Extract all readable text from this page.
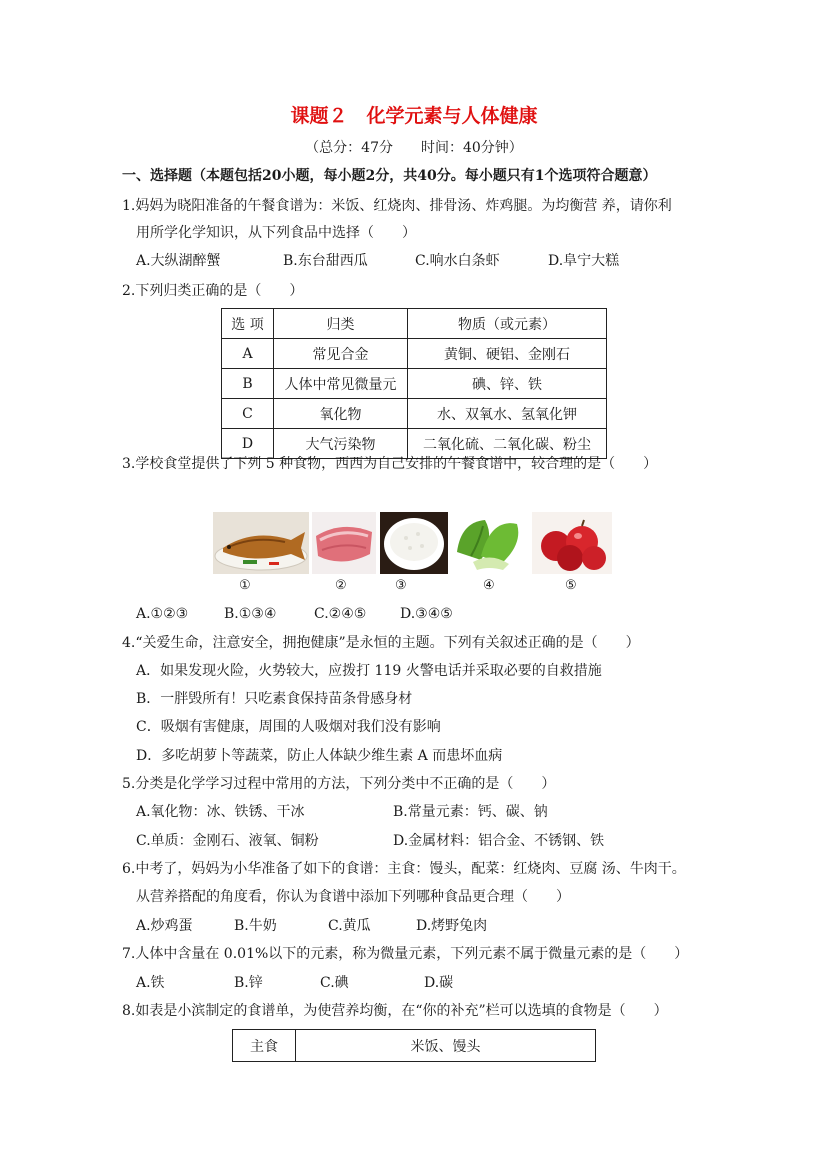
课题２　化学元素与人体健康
（总分：47分　　时间：40分钟）
一、选择题（本题包括20小题，每小题2分，共40分。每小题只有1个选项符合题意）
1.妈妈为晓阳准备的午餐食谱为：米饭、红烧肉、排骨汤、炸鸡腿。为均衡营 养，请你利
用所学化学知识，从下列食品中选择（　　）
A.大纵湖醉蟹	B.东台甜西瓜	C.响水白条虾	D.阜宁大糕
2.下列归类正确的是（　　）
选 项	归类	物质（或元素）
A	常见合金	黄铜、硬铝、金刚石
B	人体中常见微量元	碘、锌、铁
C	氧化物	水、双氧水、氢氧化钾
D	大气污染物	二氧化硫、二氧化碳、粉尘
3.学校食堂提供了下列 5 种食物，西西为自己安排的午餐食谱中，较合理的是（　　）
①	②	③	④	⑤
A.①②③	B.①③④	C.②④⑤ D.③④⑤
4.“关爱生命，注意安全，拥抱健康”是永恒的主题。下列有关叙述正确的是（　　）
A．如果发现火险，火势较大，应拨打 119 火警电话并采取必要的自救措施
B．一胖毁所有！只吃素食保持苗条骨感身材
C．吸烟有害健康，周围的人吸烟对我们没有影响
D．多吃胡萝卜等蔬菜，防止人体缺少维生素 A 而患坏血病
5.分类是化学学习过程中常用的方法，下列分类中不正确的是（　　）
A.氧化物：冰、铁锈、干冰	B.常量元素：钙、碳、钠
C.单质：金刚石、液氧、铜粉	D.金属材料：铝合金、不锈钢、铁
6.中考了，妈妈为小华准备了如下的食谱：主食：馒头，配菜：红烧肉、豆腐 汤、牛肉干。
从营养搭配的角度看，你认为食谱中添加下列哪种食品更合理（　　）
A.炒鸡蛋	B.牛奶	C.黄瓜	D.烤野兔肉
7.人体中含量在 0.01%以下的元素，称为微量元素，下列元素不属于微量元素的是（　　）
A.铁	B.锌	C.碘	D.碳
8.如表是小滨制定的食谱单，为使营养均衡，在“你的补充”栏可以选填的食物是（　　）
主食	米饭、馒头
